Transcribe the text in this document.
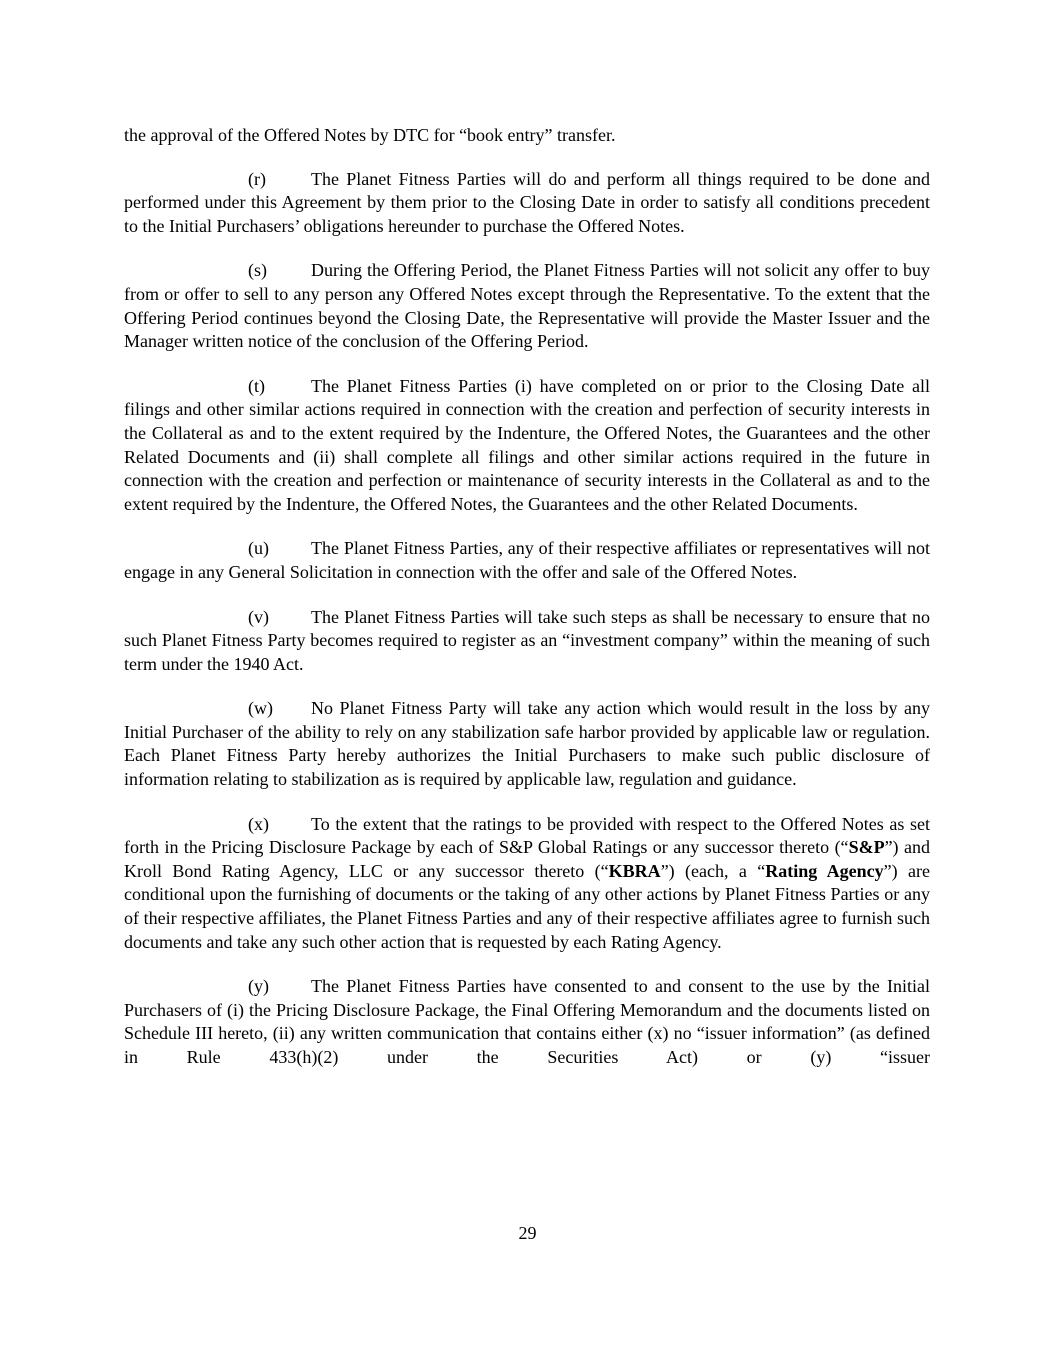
the approval of the Offered Notes by DTC for “book entry” transfer.

(r)	The Planet Fitness Parties will do and perform all things required to be done and performed under this Agreement by them prior to the Closing Date in order to satisfy all conditions precedent to the Initial Purchasers’ obligations hereunder to purchase the Offered Notes.

(s) During the Offering Period, the Planet Fitness Parties will not solicit any offer to buy from or offer to sell to any person any Offered Notes except through the Representative. To the extent that the Offering Period continues beyond the Closing Date, the Representative will provide the Master Issuer and the Manager written notice of the conclusion of the Offering Period.

(t)	The Planet Fitness Parties (i) have completed on or prior to the Closing Date all filings and other similar actions required in connection with the creation and perfection of security interests in the Collateral as and to the extent required by the Indenture, the Offered Notes, the Guarantees and the other Related Documents and (ii) shall complete all filings and other similar actions required in the future in connection with the creation and perfection or maintenance of security interests in the Collateral as and to the extent required by the Indenture, the Offered Notes, the Guarantees and the other Related Documents.

(u) The Planet Fitness Parties, any of their respective affiliates or representatives will not engage in any General Solicitation in connection with the offer and sale of the Offered Notes.

(v) The Planet Fitness Parties will take such steps as shall be necessary to ensure that no such Planet Fitness Party becomes required to register as an “investment company” within the meaning of such term under the 1940 Act.

(w) No Planet Fitness Party will take any action which would result in the loss by any Initial Purchaser of the ability to rely on any stabilization safe harbor provided by applicable law or regulation. Each Planet Fitness Party hereby authorizes the Initial Purchasers to make such public disclosure of information relating to stabilization as is required by applicable law, regulation and guidance.

(x) To the extent that the ratings to be provided with respect to the Offered Notes as set forth in the Pricing Disclosure Package by each of S&P Global Ratings or any successor thereto (“S&P”) and Kroll Bond Rating Agency, LLC or any successor thereto (“KBRA”) (each, a “Rating Agency”) are conditional upon the furnishing of documents or the taking of any other actions by Planet Fitness Parties or any of their respective affiliates, the Planet Fitness Parties and any of their respective affiliates agree to furnish such documents and take any such other action that is requested by each Rating Agency.

(y) The Planet Fitness Parties have consented to and consent to the use by the Initial Purchasers of (i) the Pricing Disclosure Package, the Final Offering Memorandum and the documents listed on Schedule III hereto, (ii) any written communication that contains either (x) no “issuer information” (as defined in Rule 433(h)(2) under the Securities Act) or (y) “issuer

29
